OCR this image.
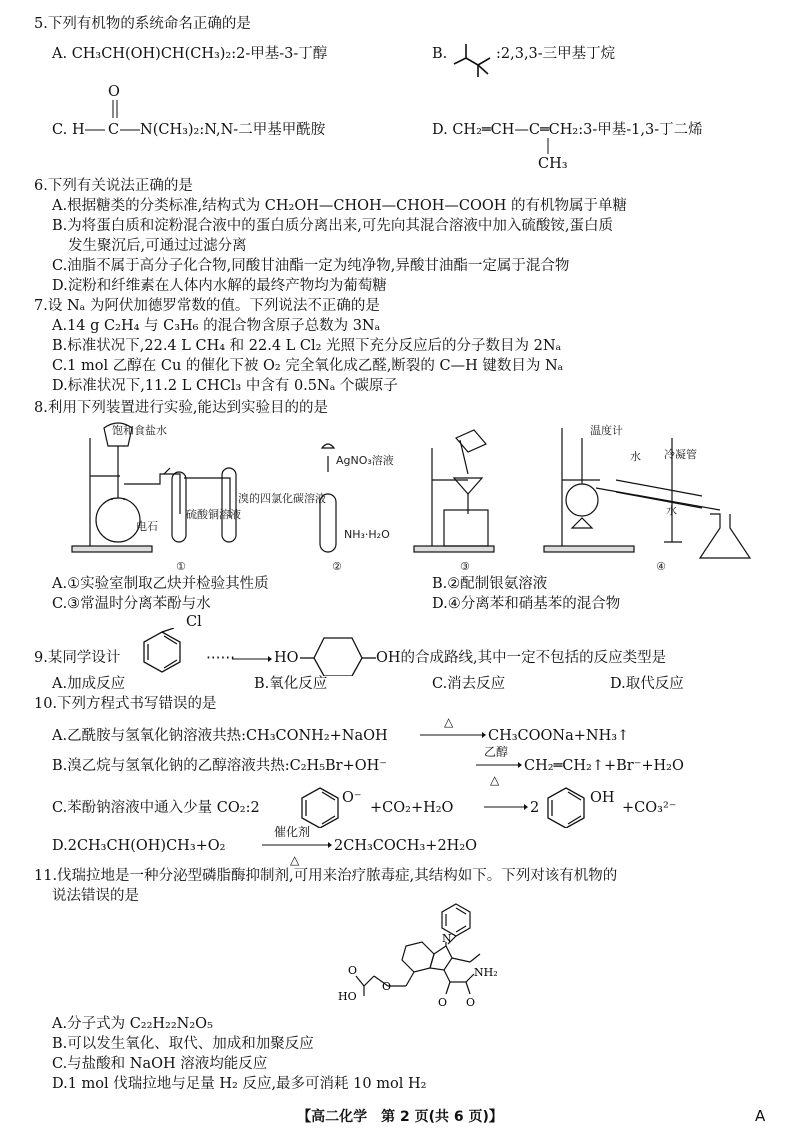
5.下列有机物的系统命名正确的是
A. CH₃CH(OH)CH(CH₃)₂:2-甲基-3-丁醇	B.	:2,3,3-三甲基丁烷
O
C. H C N(CH₃)₂:N,N-二甲基甲酰胺	D. CH₂═CH—C═CH₂:3-甲基-1,3-丁二烯
CH₃
6.下列有关说法正确的是
A.根据糖类的分类标准,结构式为 CH₂OH—CHOH—CHOH—COOH 的有机物属于单糖
B.为将蛋白质和淀粉混合液中的蛋白质分离出来,可先向其混合溶液中加入硫酸铵,蛋白质
发生聚沉后,可通过过滤分离
C.油脂不属于高分子化合物,同酸甘油酯一定为纯净物,异酸甘油酯一定属于混合物
D.淀粉和纤维素在人体内水解的最终产物均为葡萄糖
7.设 Nₐ 为阿伏加德罗常数的值。下列说法不正确的是
A.14 g C₂H₄ 与 C₃H₆ 的混合物含原子总数为 3Nₐ
B.标准状况下,22.4 L CH₄ 和 22.4 L Cl₂ 光照下充分反应后的分子数目为 2Nₐ
C.1 mol 乙醇在 Cu 的催化下被 O₂ 完全氧化成乙醛,断裂的 C—H 键数目为 Nₐ
D.标准状况下,11.2 L CHCl₃ 中含有 0.5Nₐ 个碳原子
8.利用下列装置进行实验,能达到实验目的的是
饱和食盐水
电石
硫酸铜溶液
溴的四氯化碳溶液
AgNO₃溶液
NH₃·H₂O
温度计
冷凝管
水
水
①	②	③	④
A.①实验室制取乙炔并检验其性质	B.②配制银氨溶液
C.③常温时分离苯酚与水	D.④分离苯和硝基苯的混合物
9.某同学设计
Cl
⋯⋯	HO	OH的合成路线,其中一定不包括的反应类型是
A.加成反应	B.氧化反应	C.消去反应	D.取代反应
10.下列方程式书写错误的是
A.乙酰胺与氢氧化钠溶液共热:CH₃CONH₂+NaOH
△
CH₃COONa+NH₃↑
B.溴乙烷与氢氧化钠的乙醇溶液共热:C₂H₅Br+OH⁻
乙醇
△
CH₂═CH₂↑+Br⁻+H₂O
C.苯酚钠溶液中通入少量 CO₂:2
O⁻
+CO₂+H₂O	2
OH
+CO₃²⁻
D.2CH₃CH(OH)CH₃+O₂
催化剂
△
2CH₃COCH₃+2H₂O
11.伐瑞拉地是一种分泌型磷脂酶抑制剂,可用来治疗脓毒症,其结构如下。下列对该有机物的
说法错误的是
N
O
NH₂
O
HO
O
O
A.分子式为 C₂₂H₂₂N₂O₅
B.可以发生氧化、取代、加成和加聚反应
C.与盐酸和 NaOH 溶液均能反应
D.1 mol 伐瑞拉地与足量 H₂ 反应,最多可消耗 10 mol H₂
【高二化学　第 2 页(共 6 页)】	A
